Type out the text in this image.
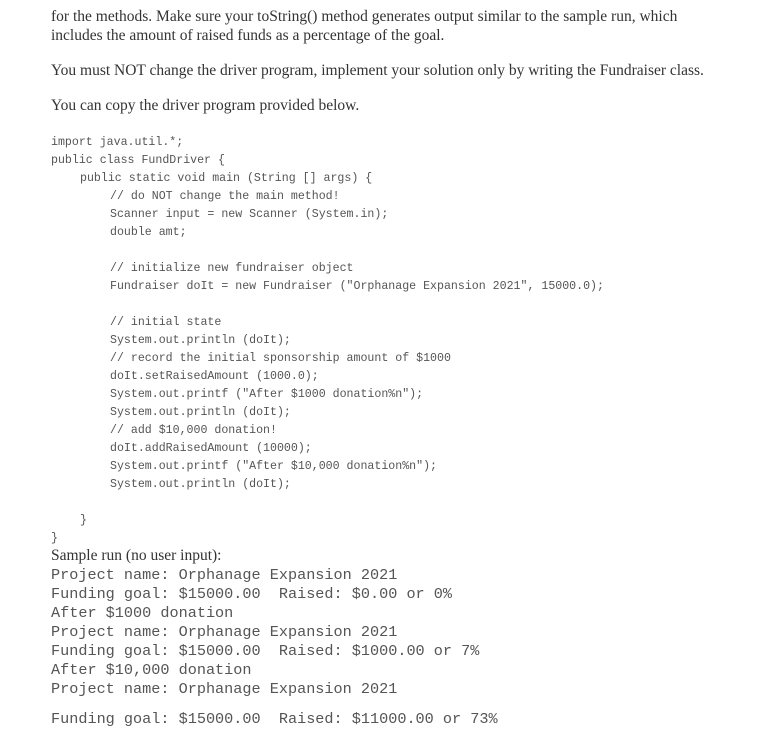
for the methods. Make sure your toString() method generates output similar to the sample run, which
includes the amount of raised funds as a percentage of the goal.
You must NOT change the driver program, implement your solution only by writing the Fundraiser class.
You can copy the driver program provided below.
import java.util.*;
public class FundDriver {
public static void main (String [] args) {
// do NOT change the main method!
Scanner input = new Scanner (System.in);
double amt;
// initialize new fundraiser object
Fundraiser doIt = new Fundraiser ("Orphanage Expansion 2021", 15000.0);
// initial state
System.out.println (doIt);
// record the initial sponsorship amount of $1000
doIt.setRaisedAmount (1000.0);
System.out.printf ("After $1000 donation%n");
System.out.println (doIt);
// add $10,000 donation!
doIt.addRaisedAmount (10000);
System.out.printf ("After $10,000 donation%n");
System.out.println (doIt);
}
}
Sample run (no user input):
Project name: Orphanage Expansion 2021
Funding goal: $15000.00  Raised: $0.00 or 0%
After $1000 donation
Project name: Orphanage Expansion 2021
Funding goal: $15000.00  Raised: $1000.00 or 7%
After $10,000 donation
Project name: Orphanage Expansion 2021
Funding goal: $15000.00  Raised: $11000.00 or 73%
